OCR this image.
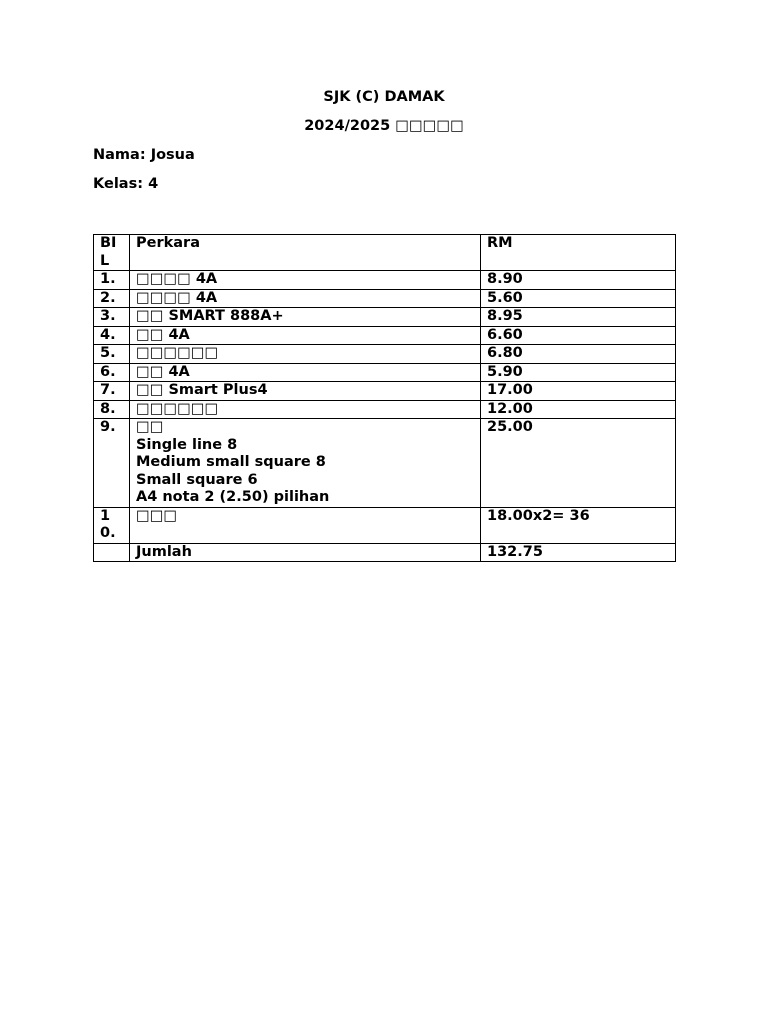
SJK (C) DAMAK
2024/2025 □□□□□
Nama: Josua
Kelas: 4
BIL	Perkara	RM
1.	□□□□ 4A	8.90
2.	□□□□ 4A	5.60
3.	□□ SMART 888A+	8.95
4.	□□ 4A	6.60
5.	□□□□□□	6.80
6.	□□ 4A	5.90
7.	□□ Smart Plus4	17.00
8.	□□□□□□	12.00
9.	□□
Single line 8
Medium small square 8
Small square 6
A4 nota 2 (2.50) pilihan	25.00
10.	□□□	18.00x2= 36

	Jumlah	132.75
